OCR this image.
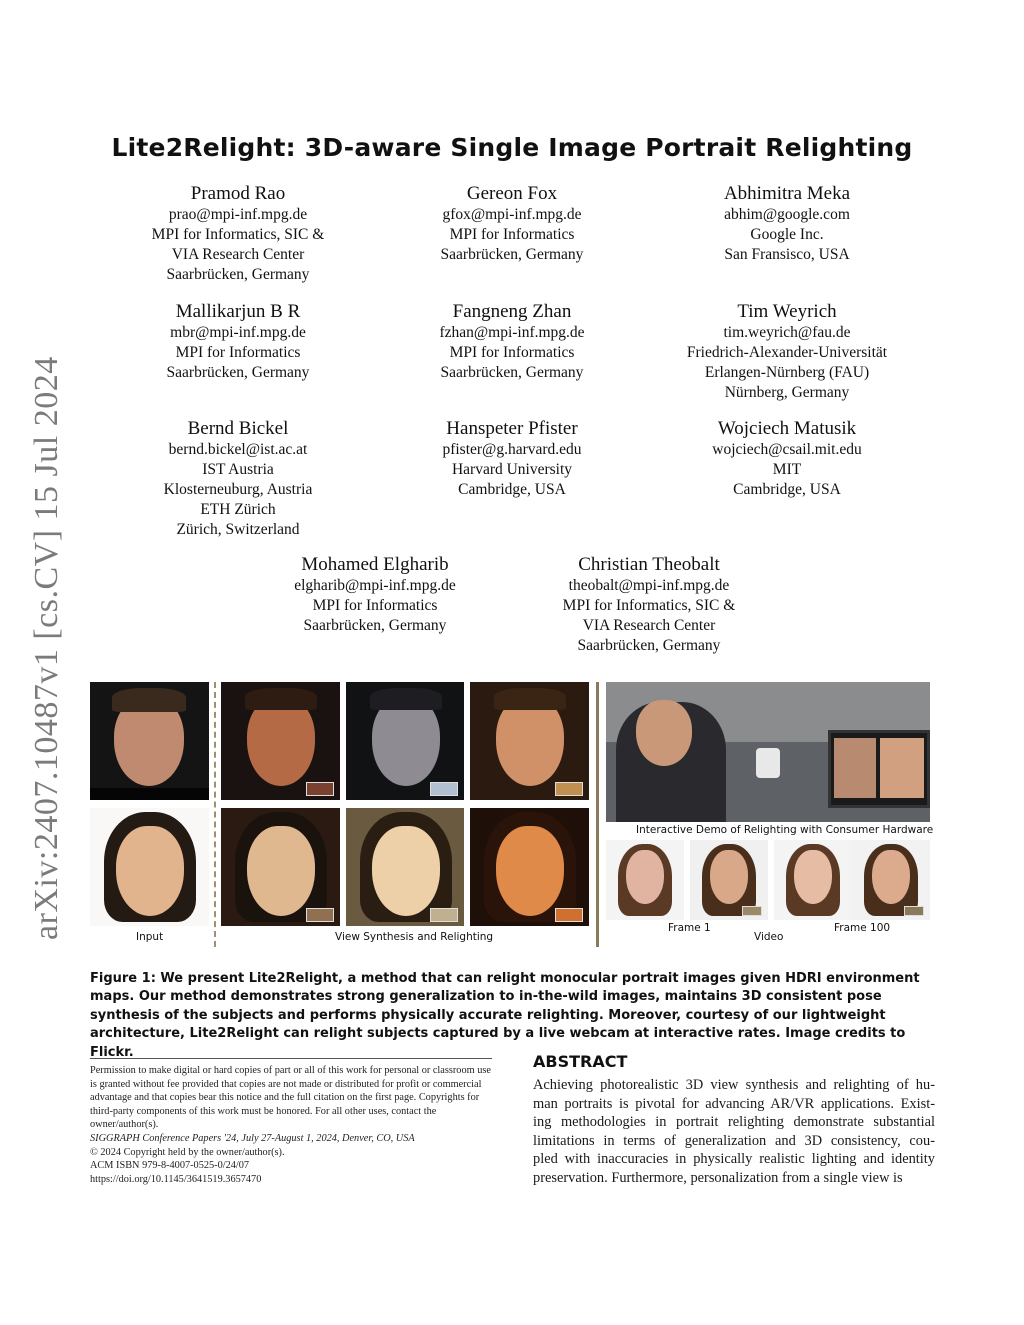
arXiv:2407.10487v1 [cs.CV] 15 Jul 2024
Lite2Relight: 3D-aware Single Image Portrait Relighting
Pramod Rao
prao@mpi-inf.mpg.de
MPI for Informatics, SIC &
VIA Research Center
Saarbrücken, Germany
Gereon Fox
gfox@mpi-inf.mpg.de
MPI for Informatics
Saarbrücken, Germany
Abhimitra Meka
abhim@google.com
Google Inc.
San Fransisco, USA
Mallikarjun B R
mbr@mpi-inf.mpg.de
MPI for Informatics
Saarbrücken, Germany
Fangneng Zhan
fzhan@mpi-inf.mpg.de
MPI for Informatics
Saarbrücken, Germany
Tim Weyrich
tim.weyrich@fau.de
Friedrich-Alexander-Universität
Erlangen-Nürnberg (FAU)
Nürnberg, Germany
Bernd Bickel
bernd.bickel@ist.ac.at
IST Austria
Klosterneuburg, Austria
ETH Zürich
Zürich, Switzerland
Hanspeter Pfister
pfister@g.harvard.edu
Harvard University
Cambridge, USA
Wojciech Matusik
wojciech@csail.mit.edu
MIT
Cambridge, USA
Mohamed Elgharib
elgharib@mpi-inf.mpg.de
MPI for Informatics
Saarbrücken, Germany
Christian Theobalt
theobalt@mpi-inf.mpg.de
MPI for Informatics, SIC &
VIA Research Center
Saarbrücken, Germany
Interactive Demo of Relighting with Consumer Hardware
Input	View Synthesis and Relighting
Frame 1
Video
Frame 100
Figure 1: We present Lite2Relight, a method that can relight monocular portrait images given HDRI environment maps. Our method demonstrates strong generalization to in-the-wild images, maintains 3D consistent pose synthesis of the subjects and performs physically accurate relighting. Moreover, courtesy of our lightweight architecture, Lite2Relight can relight subjects captured by a live webcam at interactive rates. Image credits to Flickr.
Permission to make digital or hard copies of part or all of this work for personal or classroom use is granted without fee provided that copies are not made or distributed for profit or commercial advantage and that copies bear this notice and the full citation on the first page. Copyrights for third-party components of this work must be honored. For all other uses, contact the owner/author(s).
SIGGRAPH Conference Papers '24, July 27-August 1, 2024, Denver, CO, USA
© 2024 Copyright held by the owner/author(s).
ACM ISBN 979-8-4007-0525-0/24/07
https://doi.org/10.1145/3641519.3657470
ABSTRACT
Achieving photorealistic 3D view synthesis and relighting of hu-
man portraits is pivotal for advancing AR/VR applications. Exist-
ing methodologies in portrait relighting demonstrate substantial
limitations in terms of generalization and 3D consistency, cou-
pled with inaccuracies in physically realistic lighting and identity
preservation. Furthermore, personalization from a single view is
